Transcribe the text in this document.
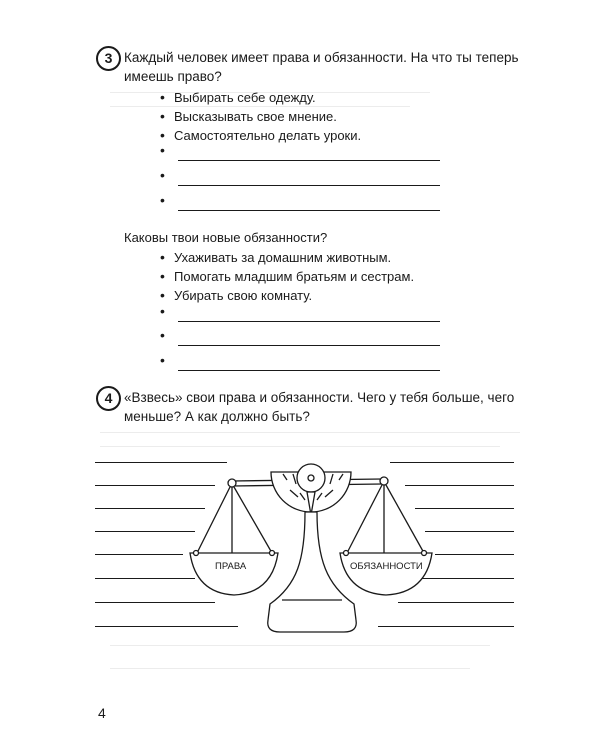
3 Каждый человек имеет права и обязанности. На что ты теперь
имеешь право?
• Выбирать себе одежду.
• Высказывать свое мнение.
• Самостоятельно делать уроки.
•
•
•
Каковы твои новые обязанности?
• Ухаживать за домашним животным.
• Помогать младшим братьям и сестрам.
• Убирать свою комнату.
•
•
•
4 «Взвесь» свои права и обязанности. Чего у тебя больше, чего
меньше? А как должно быть?
ПРАВА	ОБЯЗАННОСТИ
4
